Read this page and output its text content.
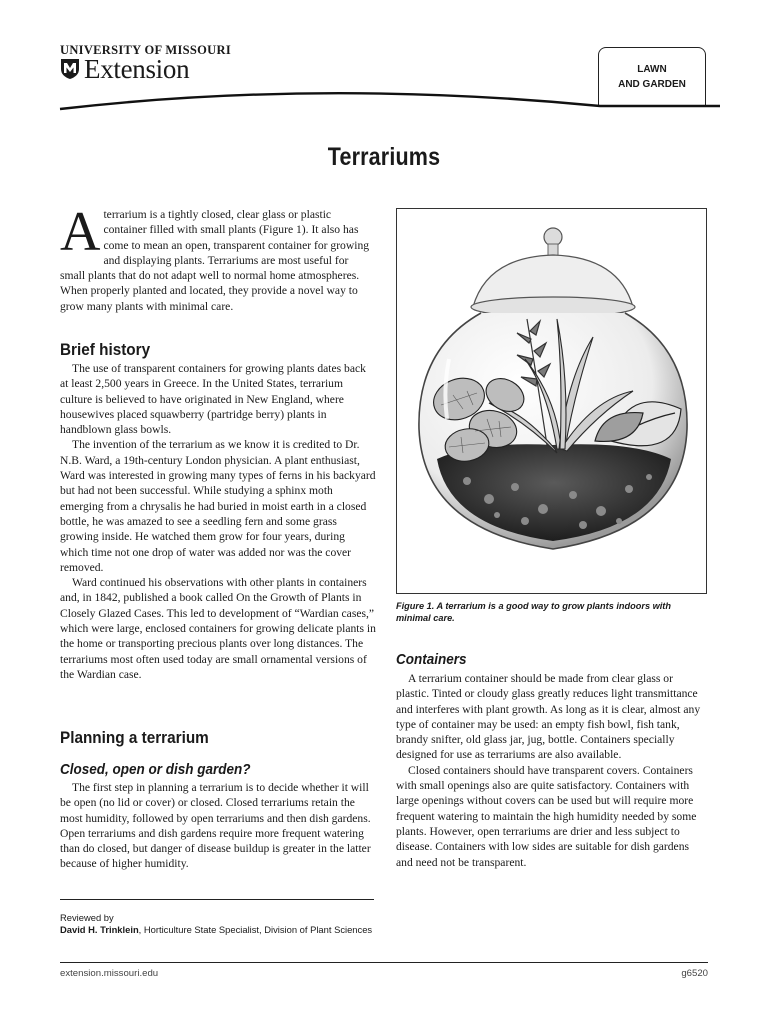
UNIVERSITY OF MISSOURI
Extension	LAWN
AND GARDEN
Terrariums

Aterrarium is a tightly closed, clear glass or plastic container filled with small plants (Figure 1). It also has come to mean an open, transparent container for growing and displaying plants. Terrariums are most useful for small plants that do not adapt well to normal home atmospheres. When properly planted and located, they provide a novel way to grow many plants with minimal care.

Brief history

The use of transparent containers for growing plants dates back at least 2,500 years in Greece. In the United States, terrarium culture is believed to have originated in New England, where housewives placed squawberry (partridge berry) plants in handblown glass bowls.

The invention of the terrarium as we know it is credited to Dr. N.B. Ward, a 19th-century London physician. A plant enthusiast, Ward was interested in growing many types of ferns in his backyard but had not been successful. While studying a sphinx moth emerging from a chrysalis he had buried in moist earth in a closed bottle, he was amazed to see a seedling fern and some grass growing inside. He watched them grow for four years, during which time not one drop of water was added nor was the cover removed.

Ward continued his observations with other plants in containers and, in 1842, published a book called On the Growth of Plants in Closely Glazed Cases. This led to development of “Wardian cases,” which were large, enclosed containers for growing delicate plants in the home or transporting precious plants over long distances. The terrariums most often used today are small ornamental versions of the Wardian case.

Planning a terrarium
Closed, open or dish garden?

The first step in planning a terrarium is to decide whether it will be open (no lid or cover) or closed. Closed terrariums retain the most humidity, followed by open terrariums and then dish gardens. Open terrariums and dish gardens require more frequent watering than do closed, but danger of disease buildup is greater in the latter because of higher humidity.

Reviewed by
David H. Trinklein, Horticulture State Specialist, Division of Plant Sciences
Figure 1. A terrarium is a good way to grow plants indoors with minimal care.
Containers

A terrarium container should be made from clear glass or plastic. Tinted or cloudy glass greatly reduces light transmittance and interferes with plant growth. As long as it is clear, almost any type of container may be used: an empty fish bowl, fish tank, brandy snifter, old glass jar, jug, bottle. Containers specially designed for use as terrariums are also available.

Closed containers should have transparent covers. Containers with small openings also are quite satisfactory. Containers with large openings without covers can be used but will require more frequent watering to maintain the high humidity needed by some plants. However, open terrariums are drier and less subject to disease. Containers with low sides are suitable for dish gardens and need not be transparent.

extension.missouri.edu	g6520
